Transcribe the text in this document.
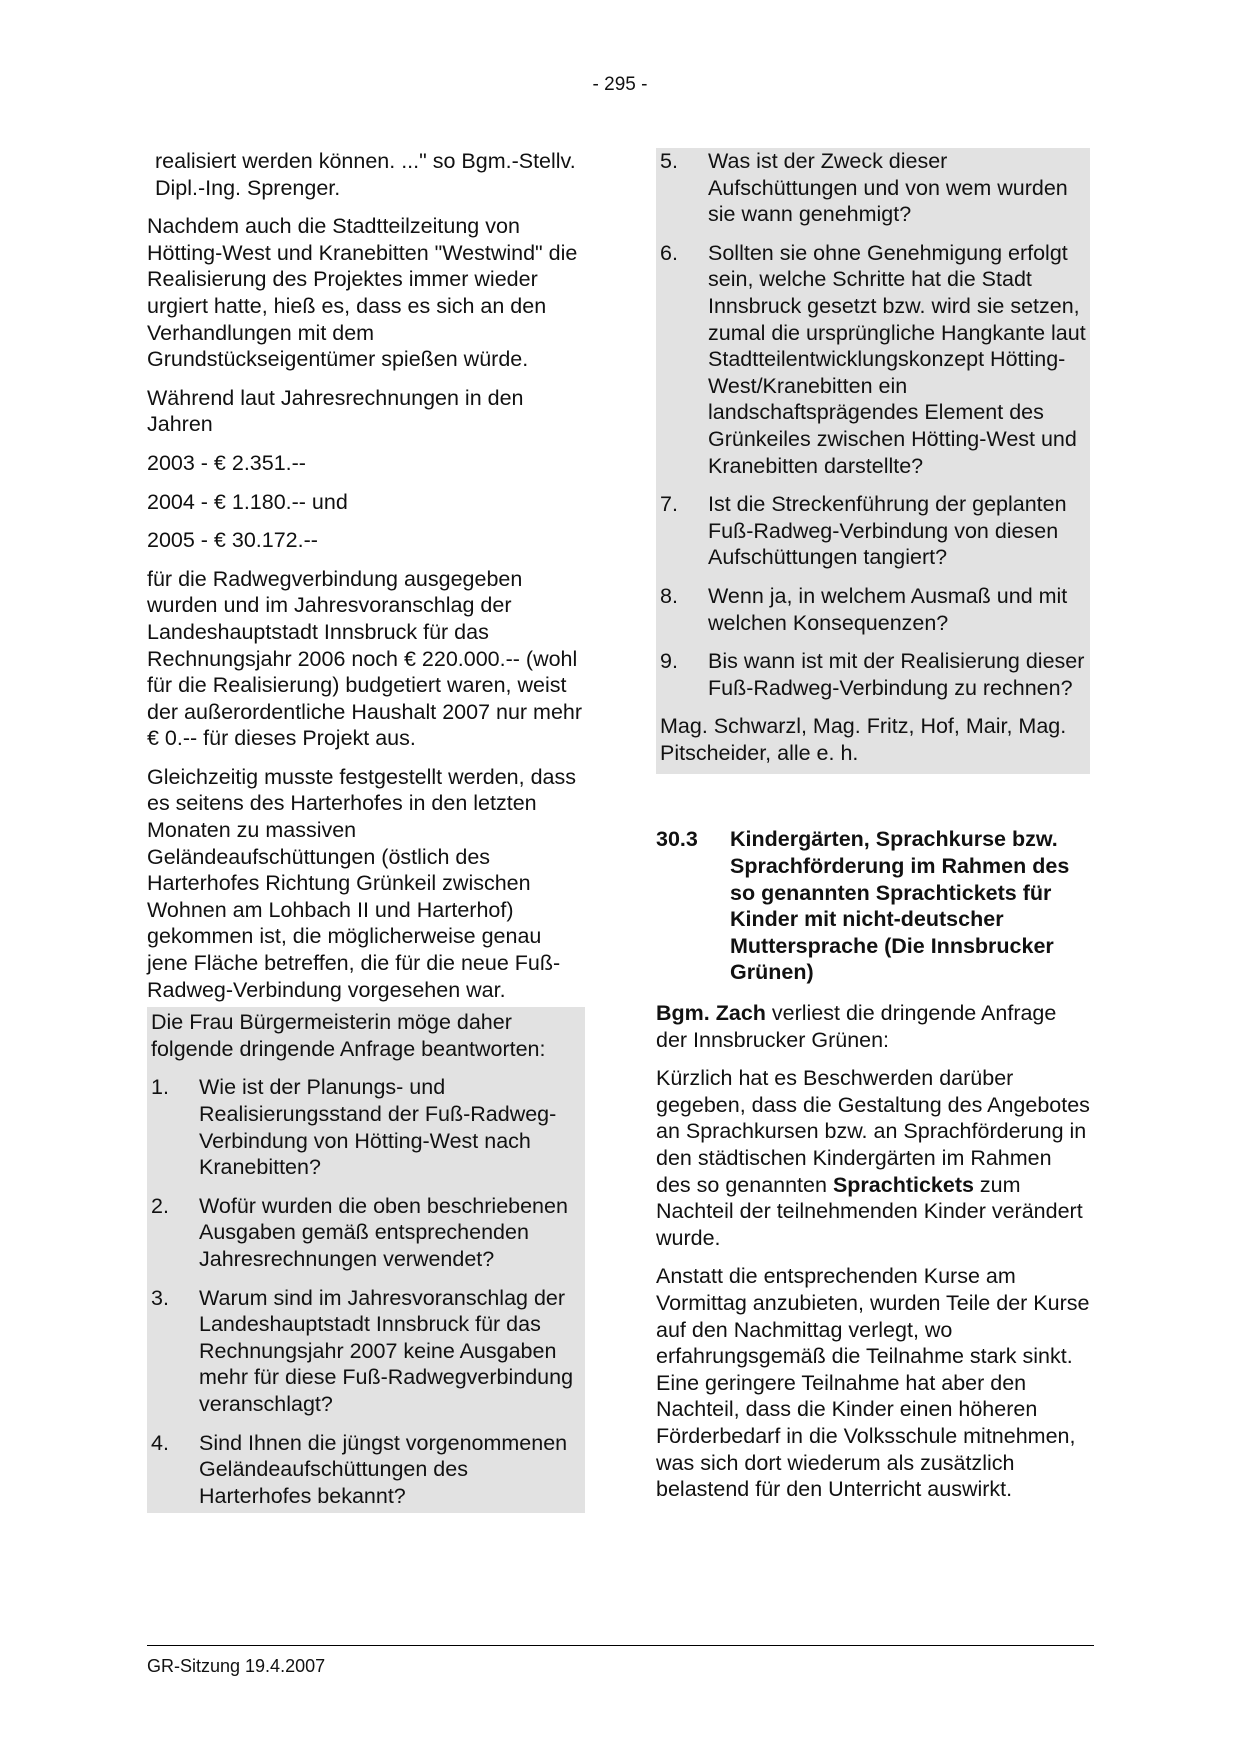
- 295 -

realisiert werden können. ..." so Bgm.-Stellv. Dipl.-Ing. Sprenger.

Nachdem auch die Stadtteilzeitung von Hötting-West und Kranebitten "Westwind" die Realisierung des Projektes immer wieder urgiert hatte, hieß es, dass es sich an den Verhandlungen mit dem Grundstückseigentümer spießen würde.

Während laut Jahresrechnungen in den Jahren

2003 - € 2.351.--

2004 - € 1.180.-- und

2005 - € 30.172.--

für die Radwegverbindung ausgegeben wurden und im Jahresvoranschlag der Landeshauptstadt Innsbruck für das Rechnungsjahr 2006 noch € 220.000.-- (wohl für die Realisierung) budgetiert waren, weist der außerordentliche Haushalt 2007 nur mehr € 0.-- für dieses Projekt aus.

Gleichzeitig musste festgestellt werden, dass es seitens des Harterhofes in den letzten Monaten zu massiven Geländeaufschüttungen (östlich des Harterhofes Richtung Grünkeil zwischen Wohnen am Lohbach II und Harterhof) gekommen ist, die möglicherweise genau jene Fläche betreffen, die für die neue Fuß-Radweg-Verbindung vorgesehen war.

Die Frau Bürgermeisterin möge daher folgende dringende Anfrage beantworten:

1.	Wie ist der Planungs- und Realisierungsstand der Fuß-Radweg-Verbindung von Hötting-West nach Kranebitten?
2.	Wofür wurden die oben beschriebenen Ausgaben gemäß entsprechenden Jahresrechnungen verwendet?
3.	Warum sind im Jahresvoranschlag der Landeshauptstadt Innsbruck für das Rechnungsjahr 2007 keine Ausgaben mehr für diese Fuß-Radwegverbindung veranschlagt?
4.	Sind Ihnen die jüngst vorgenommenen Geländeaufschüttungen des Harterhofes bekannt?
5.	Was ist der Zweck dieser Aufschüttungen und von wem wurden sie wann genehmigt?
6.	Sollten sie ohne Genehmigung erfolgt sein, welche Schritte hat die Stadt Innsbruck gesetzt bzw. wird sie setzen, zumal die ursprüngliche Hangkante laut Stadtteilentwicklungskonzept Hötting-West/Kranebitten ein landschaftsprägendes Element des Grünkeiles zwischen Hötting-West und Kranebitten darstellte?
7.	Ist die Streckenführung der geplanten Fuß-Radweg-Verbindung von diesen Aufschüttungen tangiert?
8.	Wenn ja, in welchem Ausmaß und mit welchen Konsequenzen?
9.	Bis wann ist mit der Realisierung dieser Fuß-Radweg-Verbindung zu rechnen?

Mag. Schwarzl, Mag. Fritz, Hof, Mair, Mag. Pitscheider, alle e. h.

30.3	Kindergärten, Sprachkurse bzw. Sprachförderung im Rahmen des so genannten Sprachtickets für Kinder mit nicht-deutscher Muttersprache (Die Innsbrucker Grünen)

Bgm. Zach verliest die dringende Anfrage der Innsbrucker Grünen:

Kürzlich hat es Beschwerden darüber gegeben, dass die Gestaltung des Angebotes an Sprachkursen bzw. an Sprachförderung in den städtischen Kindergärten im Rahmen des so genannten Sprachtickets zum Nachteil der teilnehmenden Kinder verändert wurde.

Anstatt die entsprechenden Kurse am Vormittag anzubieten, wurden Teile der Kurse auf den Nachmittag verlegt, wo erfahrungsgemäß die Teilnahme stark sinkt. Eine geringere Teilnahme hat aber den Nachteil, dass die Kinder einen höheren Förderbedarf in die Volksschule mitnehmen, was sich dort wiederum als zusätzlich belastend für den Unterricht auswirkt.

GR-Sitzung 19.4.2007
